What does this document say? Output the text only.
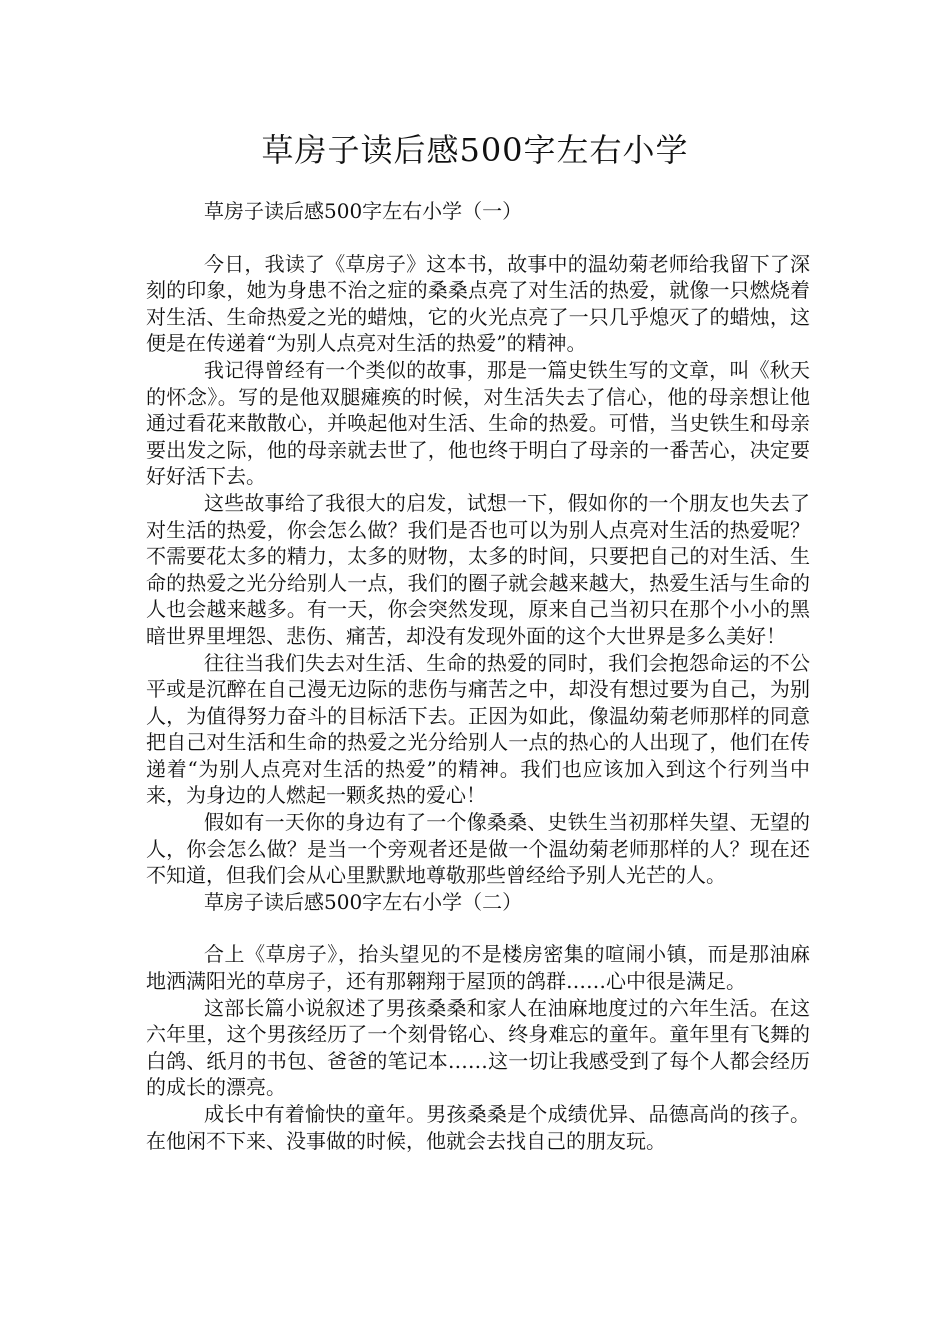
草房子读后感500字左右小学

草房子读后感500字左右小学（一）

今日，我读了《草房子》这本书，故事中的温幼菊老师给我留下了深刻的印象，她为身患不治之症的桑桑点亮了对生活的热爱，就像一只燃烧着对生活、生命热爱之光的蜡烛，它的火光点亮了一只几乎熄灭了的蜡烛，这便是在传递着“为别人点亮对生活的热爱”的精神。

我记得曾经有一个类似的故事，那是一篇史铁生写的文章，叫《秋天的怀念》。写的是他双腿瘫痪的时候，对生活失去了信心，他的母亲想让他通过看花来散散心，并唤起他对生活、生命的热爱。可惜，当史铁生和母亲要出发之际，他的母亲就去世了，他也终于明白了母亲的一番苦心，决定要好好活下去。

这些故事给了我很大的启发，试想一下，假如你的一个朋友也失去了对生活的热爱，你会怎么做？我们是否也可以为别人点亮对生活的热爱呢？不需要花太多的精力，太多的财物，太多的时间，只要把自己的对生活、生命的热爱之光分给别人一点，我们的圈子就会越来越大，热爱生活与生命的人也会越来越多。有一天，你会突然发现，原来自己当初只在那个小小的黑暗世界里埋怨、悲伤、痛苦，却没有发现外面的这个大世界是多么美好！

往往当我们失去对生活、生命的热爱的同时，我们会抱怨命运的不公平或是沉醉在自己漫无边际的悲伤与痛苦之中，却没有想过要为自己，为别人，为值得努力奋斗的目标活下去。正因为如此，像温幼菊老师那样的同意把自己对生活和生命的热爱之光分给别人一点的热心的人出现了，他们在传递着“为别人点亮对生活的热爱”的精神。我们也应该加入到这个行列当中来，为身边的人燃起一颗炙热的爱心！

假如有一天你的身边有了一个像桑桑、史铁生当初那样失望、无望的人，你会怎么做？是当一个旁观者还是做一个温幼菊老师那样的人？现在还不知道，但我们会从心里默默地尊敬那些曾经给予别人光芒的人。

草房子读后感500字左右小学（二）

合上《草房子》，抬头望见的不是楼房密集的喧闹小镇，而是那油麻地洒满阳光的草房子，还有那翱翔于屋顶的鸽群……心中很是满足。

这部长篇小说叙述了男孩桑桑和家人在油麻地度过的六年生活。在这六年里，这个男孩经历了一个刻骨铭心、终身难忘的童年。童年里有飞舞的白鸽、纸月的书包、爸爸的笔记本……这一切让我感受到了每个人都会经历的成长的漂亮。

成长中有着愉快的童年。男孩桑桑是个成绩优异、品德高尚的孩子。在他闲不下来、没事做的时候，他就会去找自己的朋友玩。
